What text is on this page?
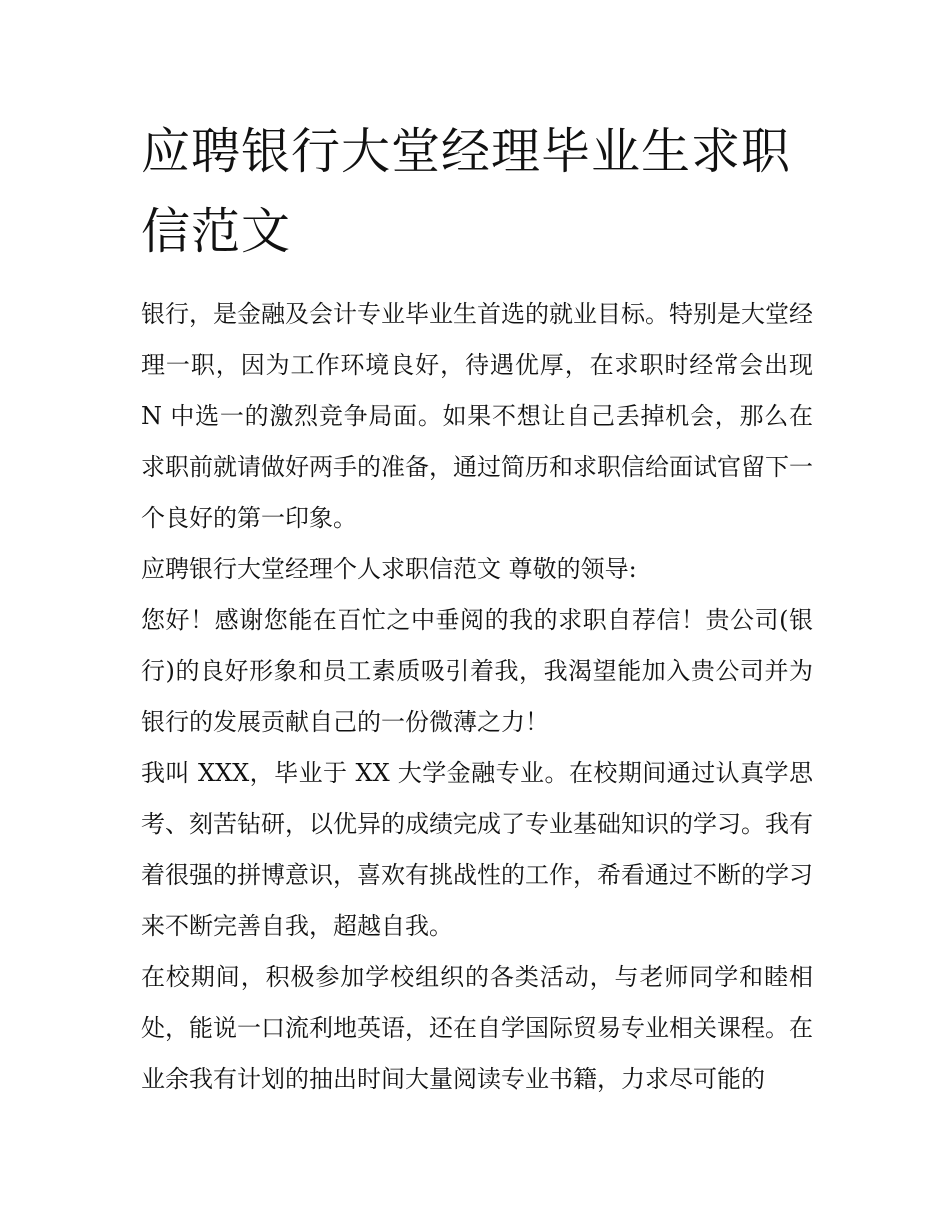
应聘银行大堂经理毕业生求职信范文

银行，是金融及会计专业毕业生首选的就业目标。特别是大堂经理一职，因为工作环境良好，待遇优厚，在求职时经常会出现 N 中选一的激烈竞争局面。如果不想让自己丢掉机会，那么在求职前就请做好两手的准备，通过简历和求职信给面试官留下一个良好的第一印象。

应聘银行大堂经理个人求职信范文 尊敬的领导:

您好！感谢您能在百忙之中垂阅的我的求职自荐信！贵公司(银行)的良好形象和员工素质吸引着我，我渴望能加入贵公司并为银行的发展贡献自己的一份微薄之力！

我叫 XXX，毕业于 XX 大学金融专业。在校期间通过认真学思考、刻苦钻研，以优异的成绩完成了专业基础知识的学习。我有着很强的拼博意识，喜欢有挑战性的工作，希看通过不断的学习来不断完善自我，超越自我。

在校期间，积极参加学校组织的各类活动，与老师同学和睦相处，能说一口流利地英语，还在自学国际贸易专业相关课程。在业余我有计划的抽出时间大量阅读专业书籍，力求尽可能的
